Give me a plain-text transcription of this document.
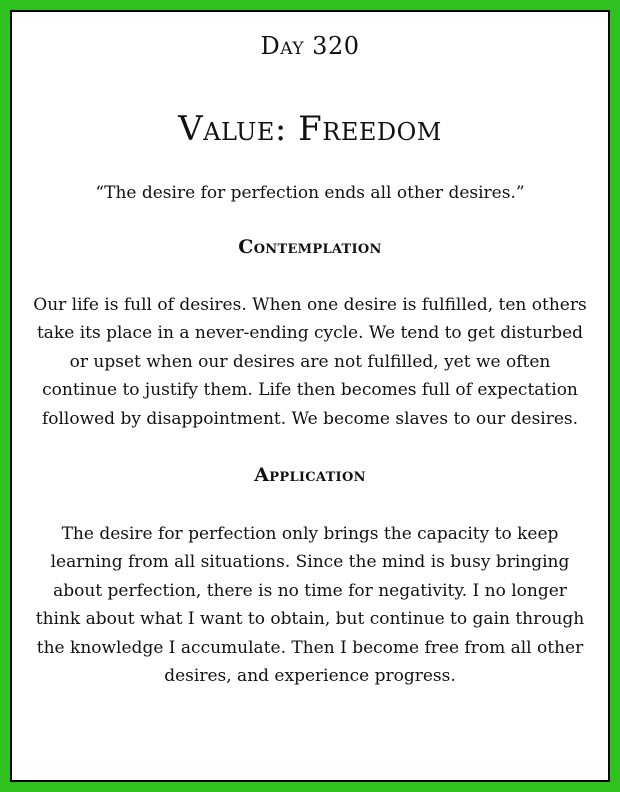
Day 320
Value: Freedom
“The desire for perfection ends all other desires.”
Contemplation
Our life is full of desires. When one desire is fulfilled, ten others
take its place in a never-ending cycle. We tend to get disturbed
or upset when our desires are not fulfilled, yet we often
continue to justify them. Life then becomes full of expectation
followed by disappointment. We become slaves to our desires.
Application
The desire for perfection only brings the capacity to keep
learning from all situations. Since the mind is busy bringing
about perfection, there is no time for negativity. I no longer
think about what I want to obtain, but continue to gain through
the knowledge I accumulate. Then I become free from all other
desires, and experience progress.
